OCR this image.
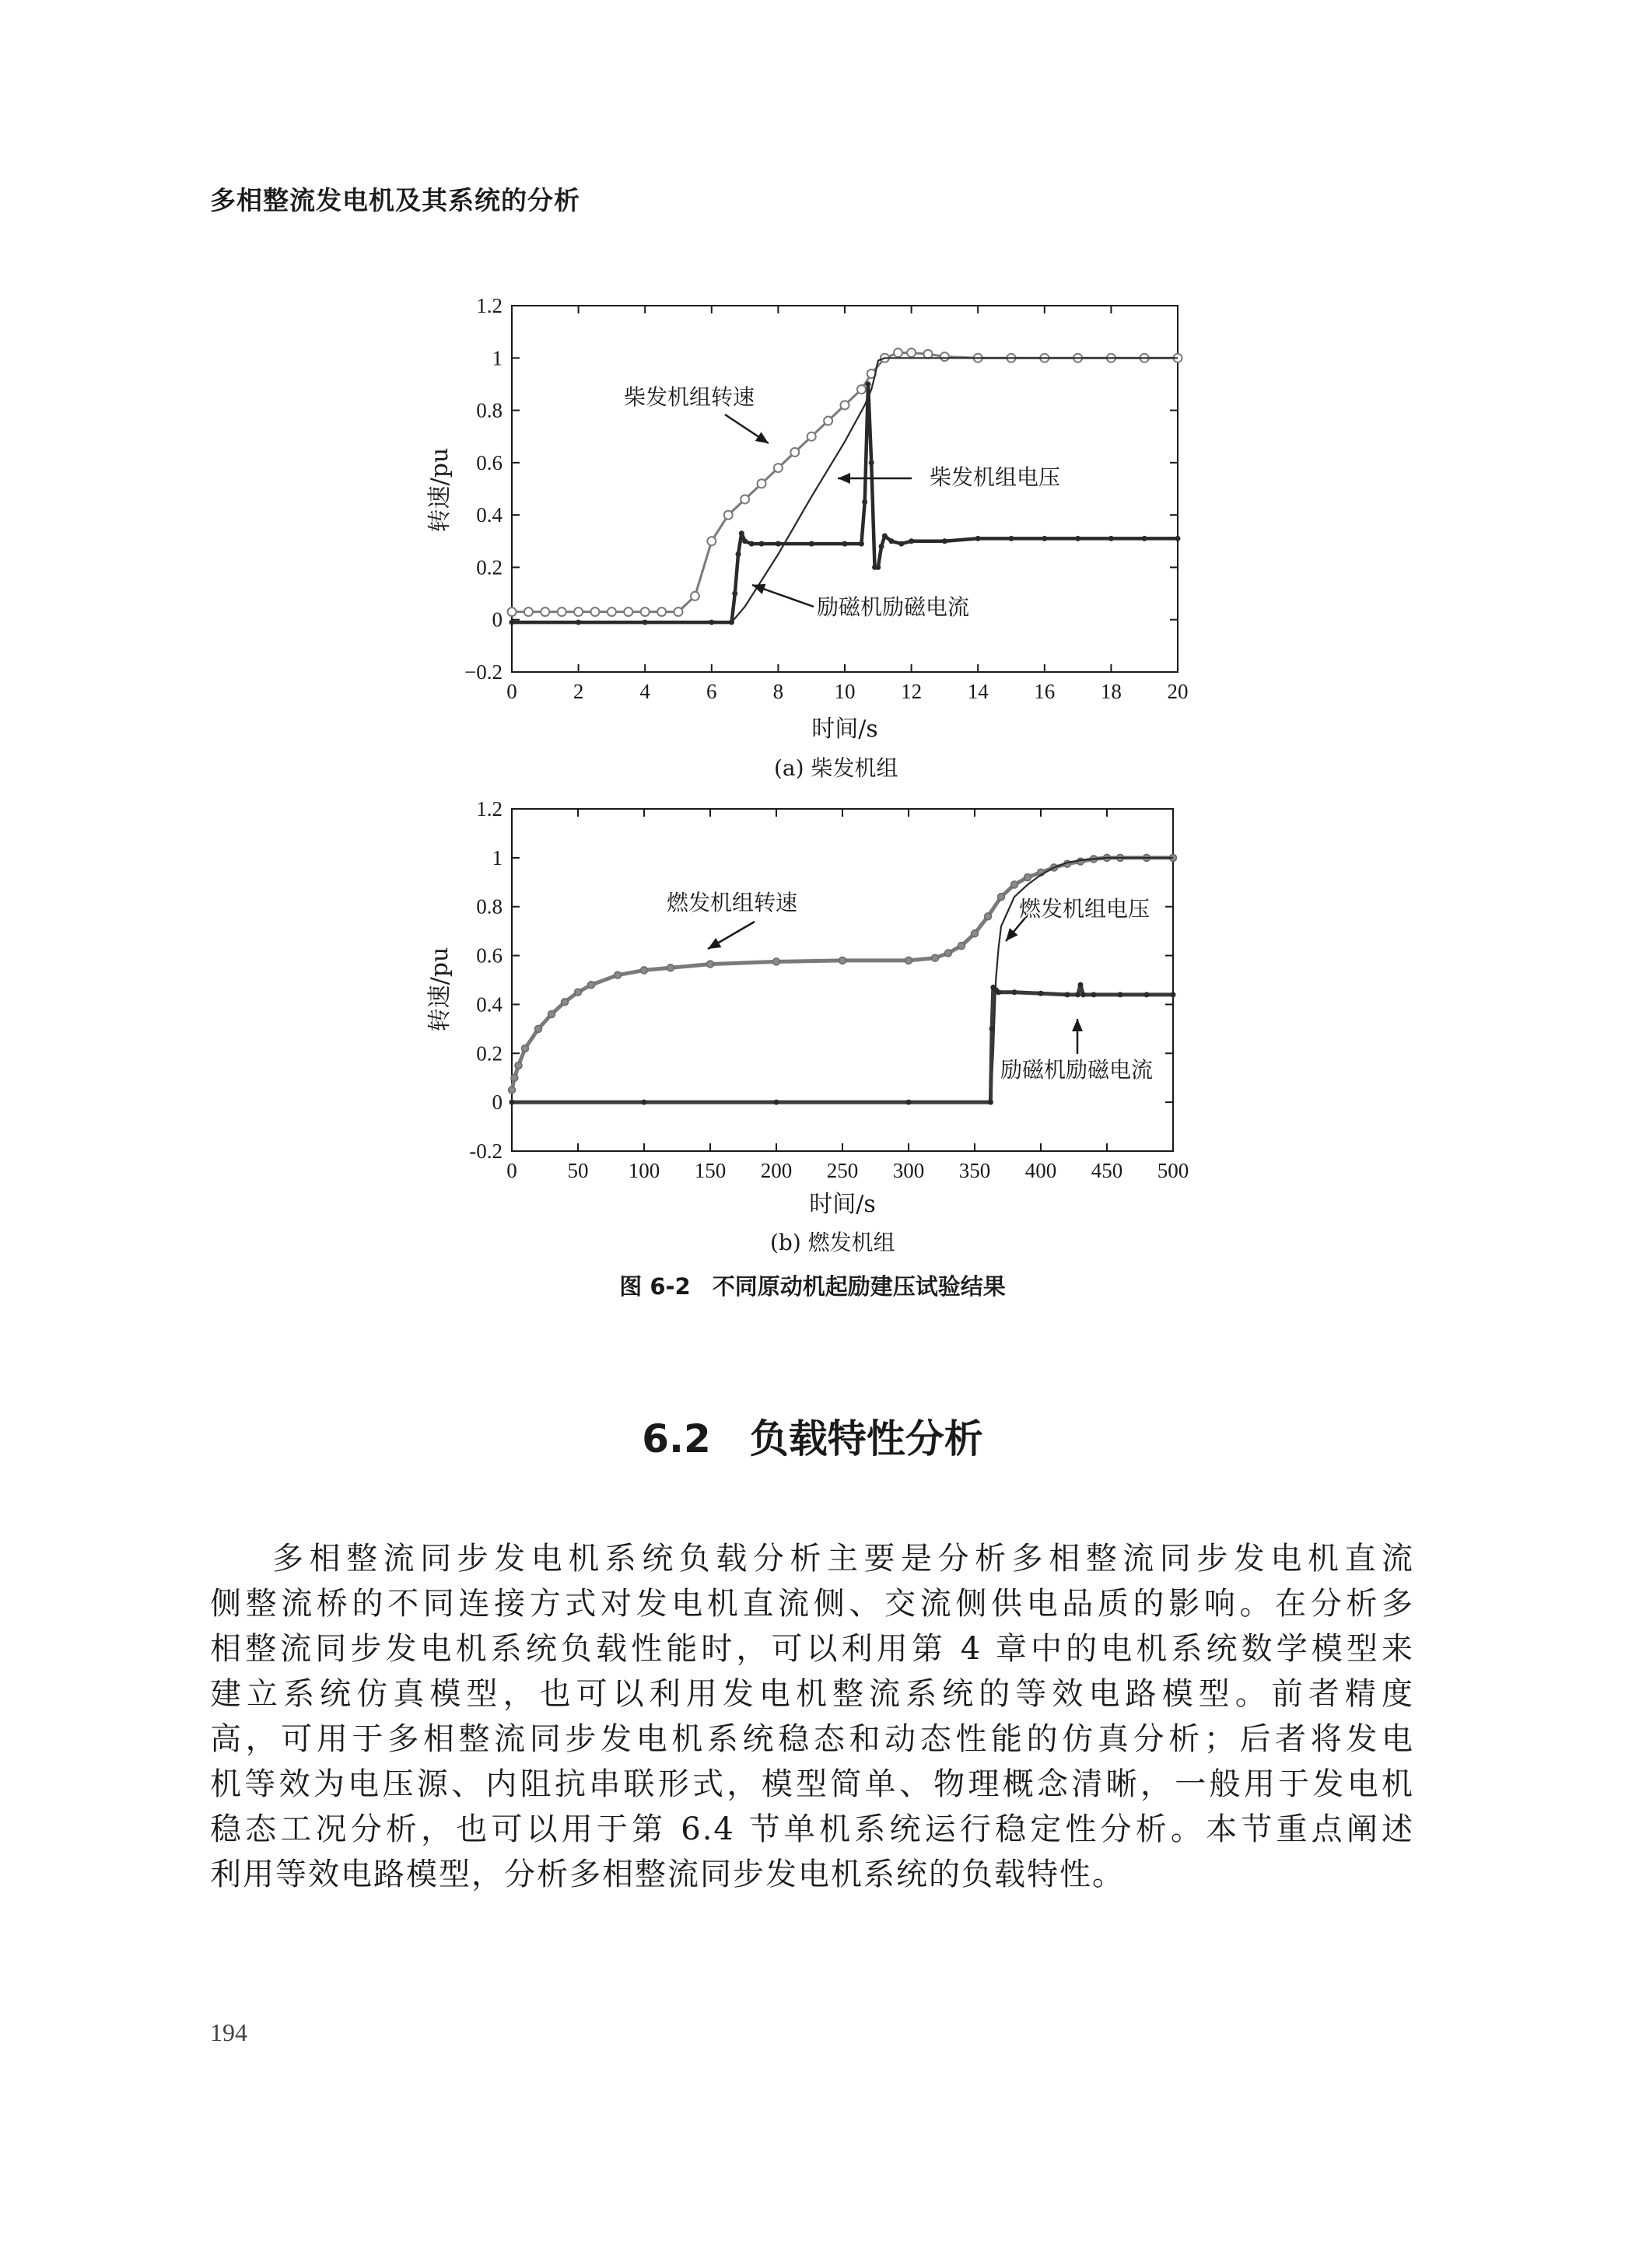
多相整流发电机及其系统的分析
0	2	4	6	8 10 12 14 16 18 20
−0.2
0
0.2
0.4
0.6
0.8
1
1.2
时间/s
转速/pu
柴发机组转速
柴发机组电压
励磁机励磁电流
(a) 柴发机组
0 50 100 150 200 250 300 350 400 450 500
-0.2
0
0.2
0.4
0.6
0.8
1
1.2
时间/s
转速/pu
燃发机组转速	燃发机组电压
励磁机励磁电流
(b) 燃发机组
图 6-2 不同原动机起励建压试验结果
6.2 负载特性分析
多相整流同步发电机系统负载分析主要是分析多相整流同步发电机直流
侧整流桥的不同连接方式对发电机直流侧、交流侧供电品质的影响。在分析多
相整流同步发电机系统负载性能时，可以利用第 4 章中的电机系统数学模型来
建立系统仿真模型，也可以利用发电机整流系统的等效电路模型。前者精度
高，可用于多相整流同步发电机系统稳态和动态性能的仿真分析；后者将发电
机等效为电压源、内阻抗串联形式，模型简单、物理概念清晰，一般用于发电机
稳态工况分析，也可以用于第 6.4 节单机系统运行稳定性分析。本节重点阐述
利用等效电路模型，分析多相整流同步发电机系统的负载特性。
194
